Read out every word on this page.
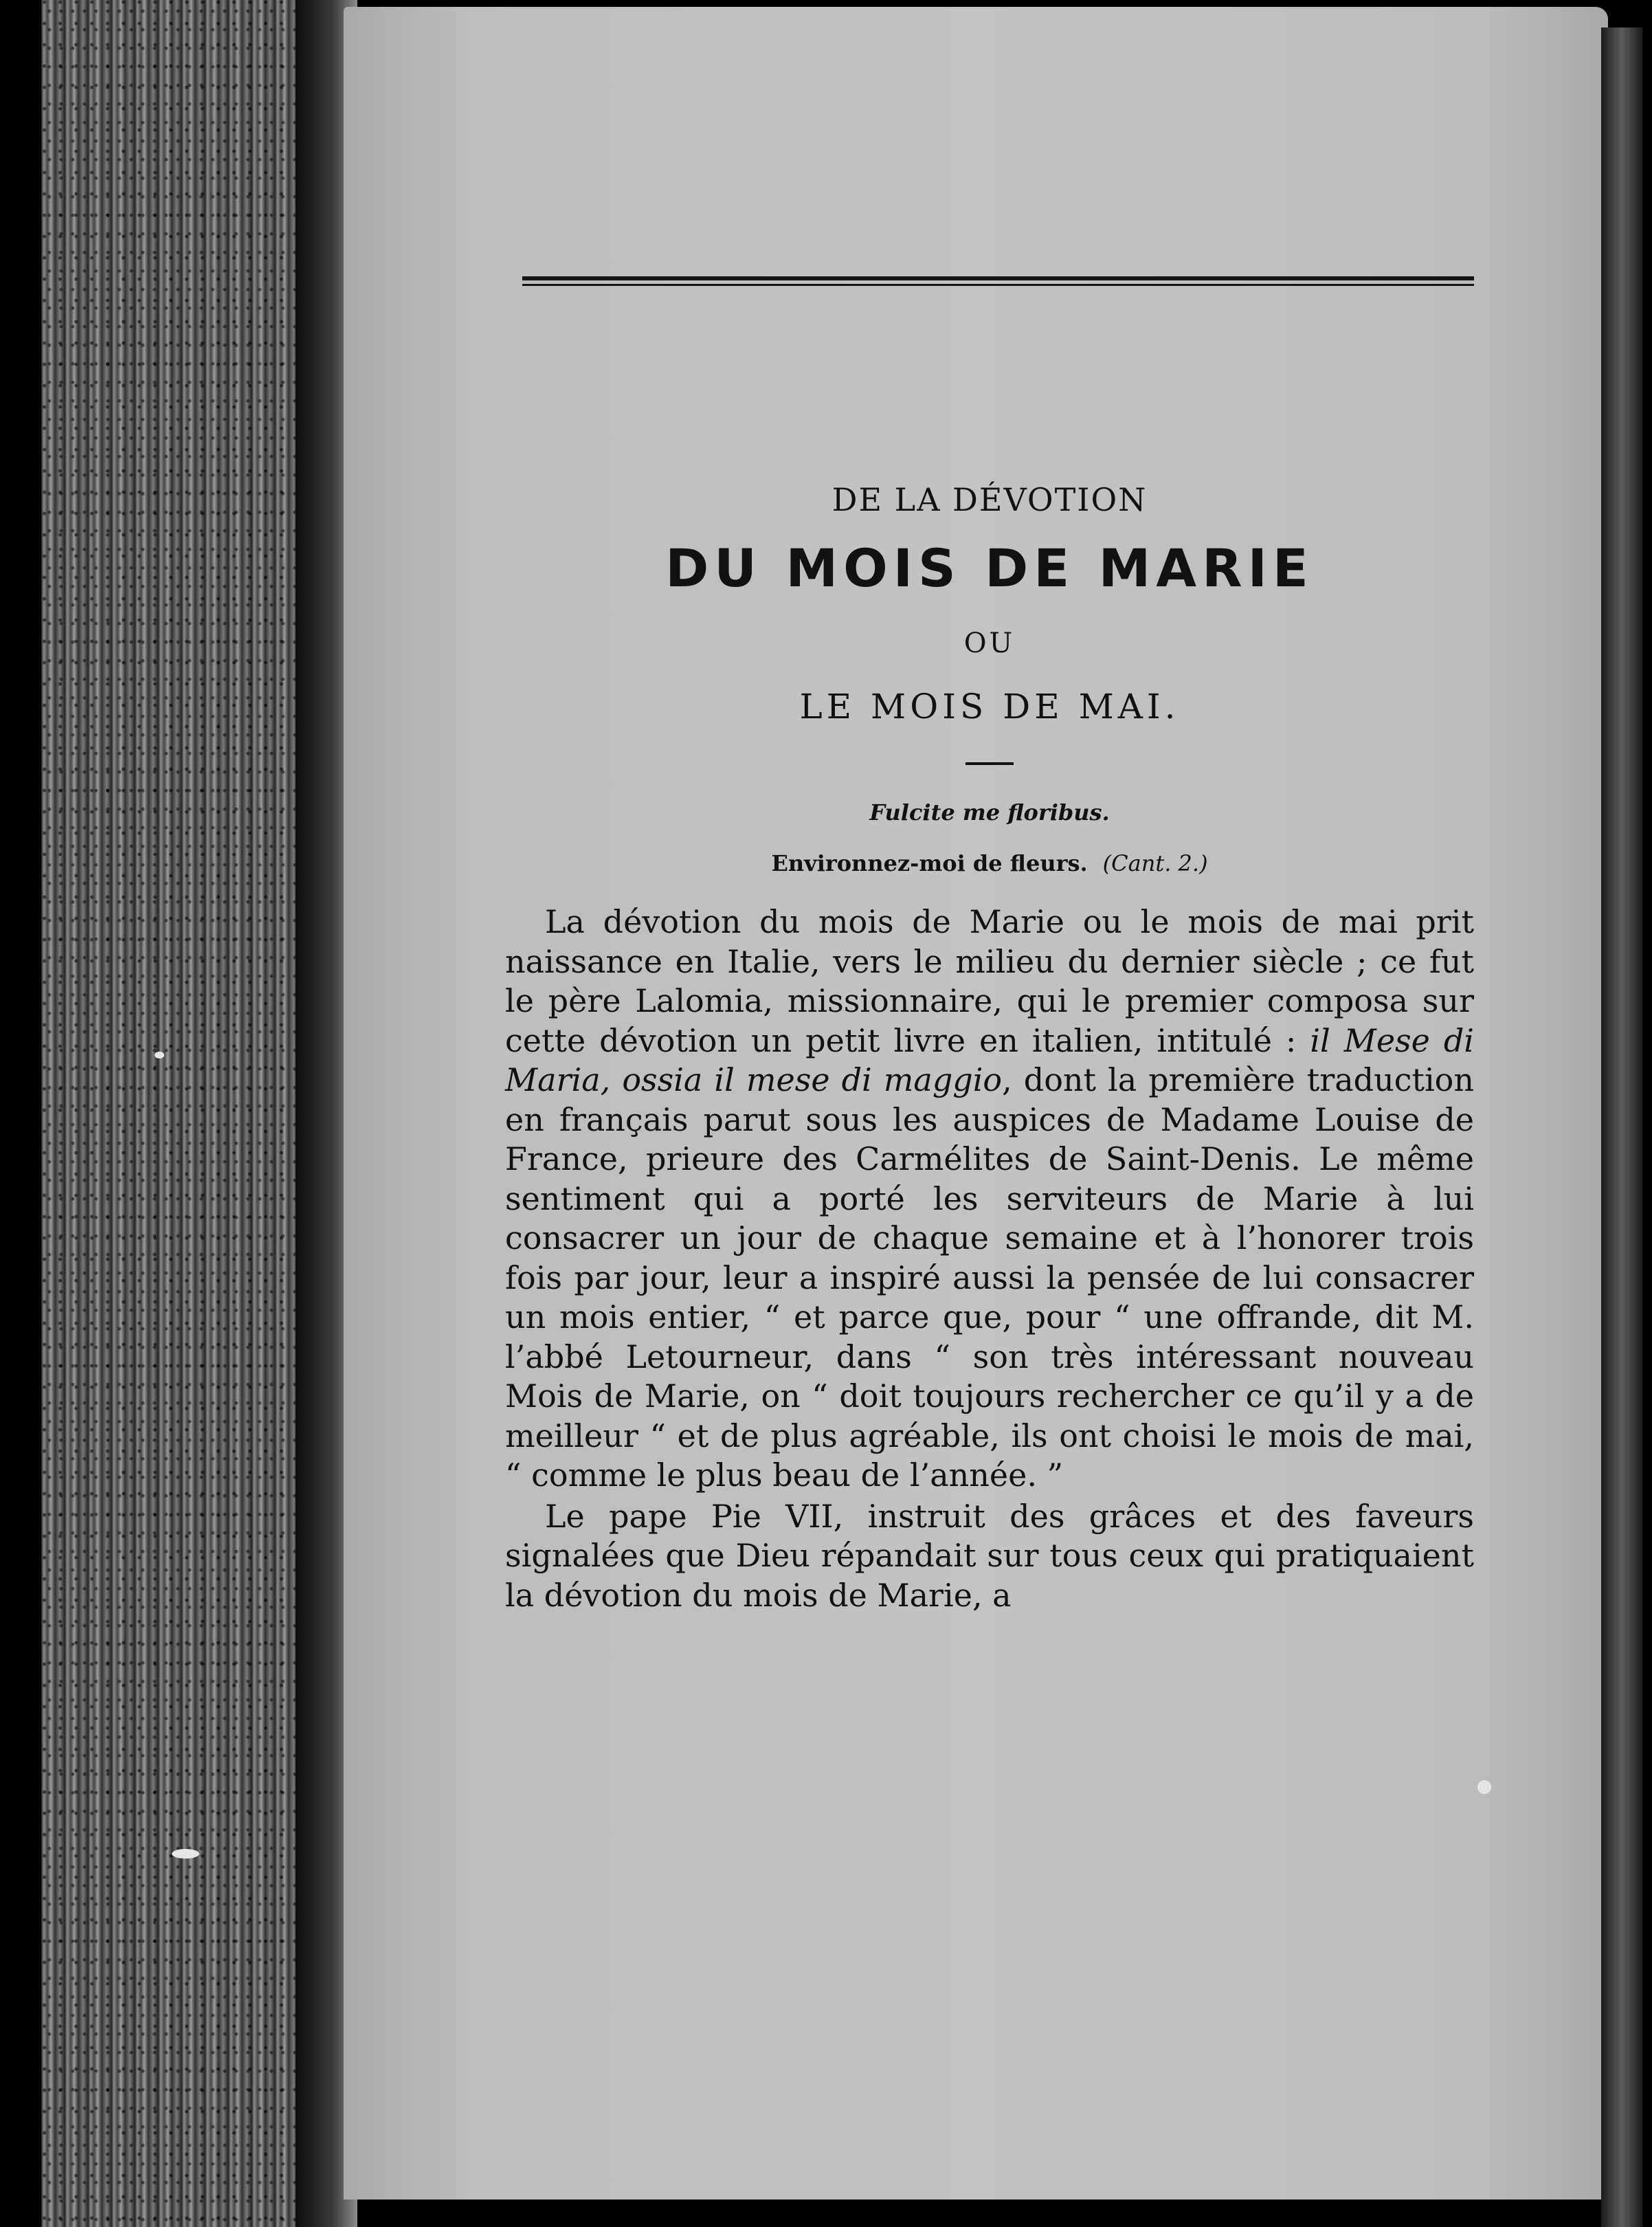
DE LA DÉVOTION
DU MOIS DE MARIE
OU
LE MOIS DE MAI.
Fulcite me floribus.
Environnez-moi de fleurs. (Cant. 2.)

La dévotion du mois de Marie ou le mois de mai prit naissance en Italie, vers le milieu du dernier siècle ; ce fut le père Lalomia, missionnaire, qui le premier composa sur cette dévotion un petit livre en italien, intitulé : il Mese di Maria, ossia il mese di maggio, dont la première traduction en français parut sous les auspices de Madame Louise de France, prieure des Carmélites de Saint-Denis. Le même sentiment qui a porté les serviteurs de Marie à lui consacrer un jour de chaque semaine et à l’honorer trois fois par jour, leur a inspiré aussi la pensée de lui consacrer un mois entier, “ et parce que, pour “ une offrande, dit M. l’abbé Letourneur, dans “ son très intéressant nouveau Mois de Marie, on “ doit toujours rechercher ce qu’il y a de meilleur “ et de plus agréable, ils ont choisi le mois de mai, “ comme le plus beau de l’année. ”

Le pape Pie VII, instruit des grâces et des faveurs signalées que Dieu répandait sur tous ceux qui pratiquaient la dévotion du mois de Marie, a
